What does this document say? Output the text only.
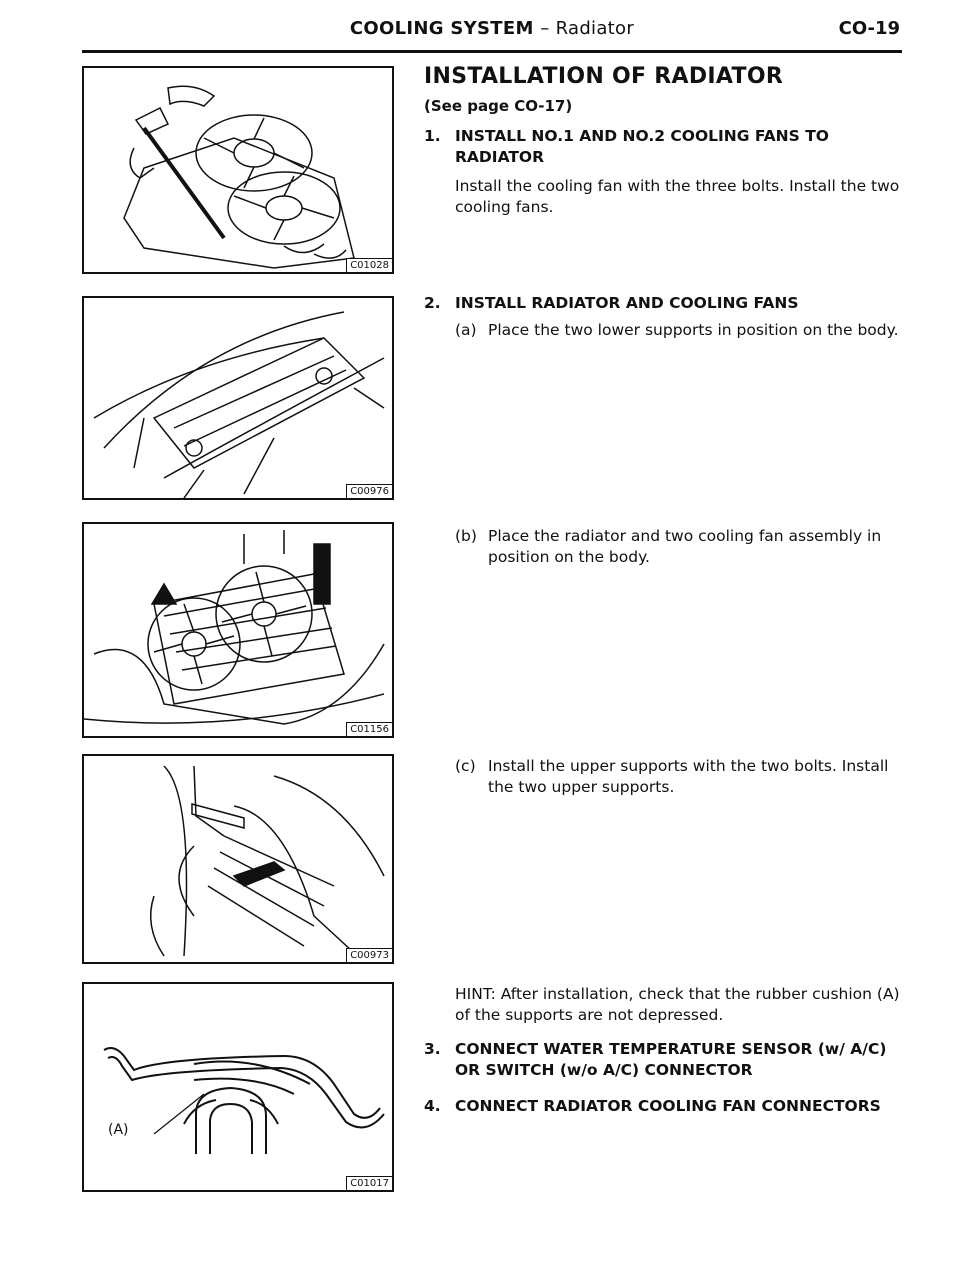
COOLING SYSTEM – Radiator	CO-19
C01028
C00976
C01156
C00973
(A)
C01017
INSTALLATION OF RADIATOR
(See page CO-17)
1. INSTALL NO.1 AND NO.2 COOLING FANS TO RADIATOR
Install the cooling fan with the three bolts. Install the two cooling fans.
2. INSTALL RADIATOR AND COOLING FANS
(a) Place the two lower supports in position on the body.
(b) Place the radiator and two cooling fan assembly in position on the body.
(c) Install the upper supports with the two bolts. Install the two upper supports.
HINT: After installation, check that the rubber cushion (A) of the supports are not depressed.
3. CONNECT WATER TEMPERATURE SENSOR (w/ A/C) OR SWITCH (w/o A/C) CONNECTOR
4. CONNECT RADIATOR COOLING FAN CONNECTORS
